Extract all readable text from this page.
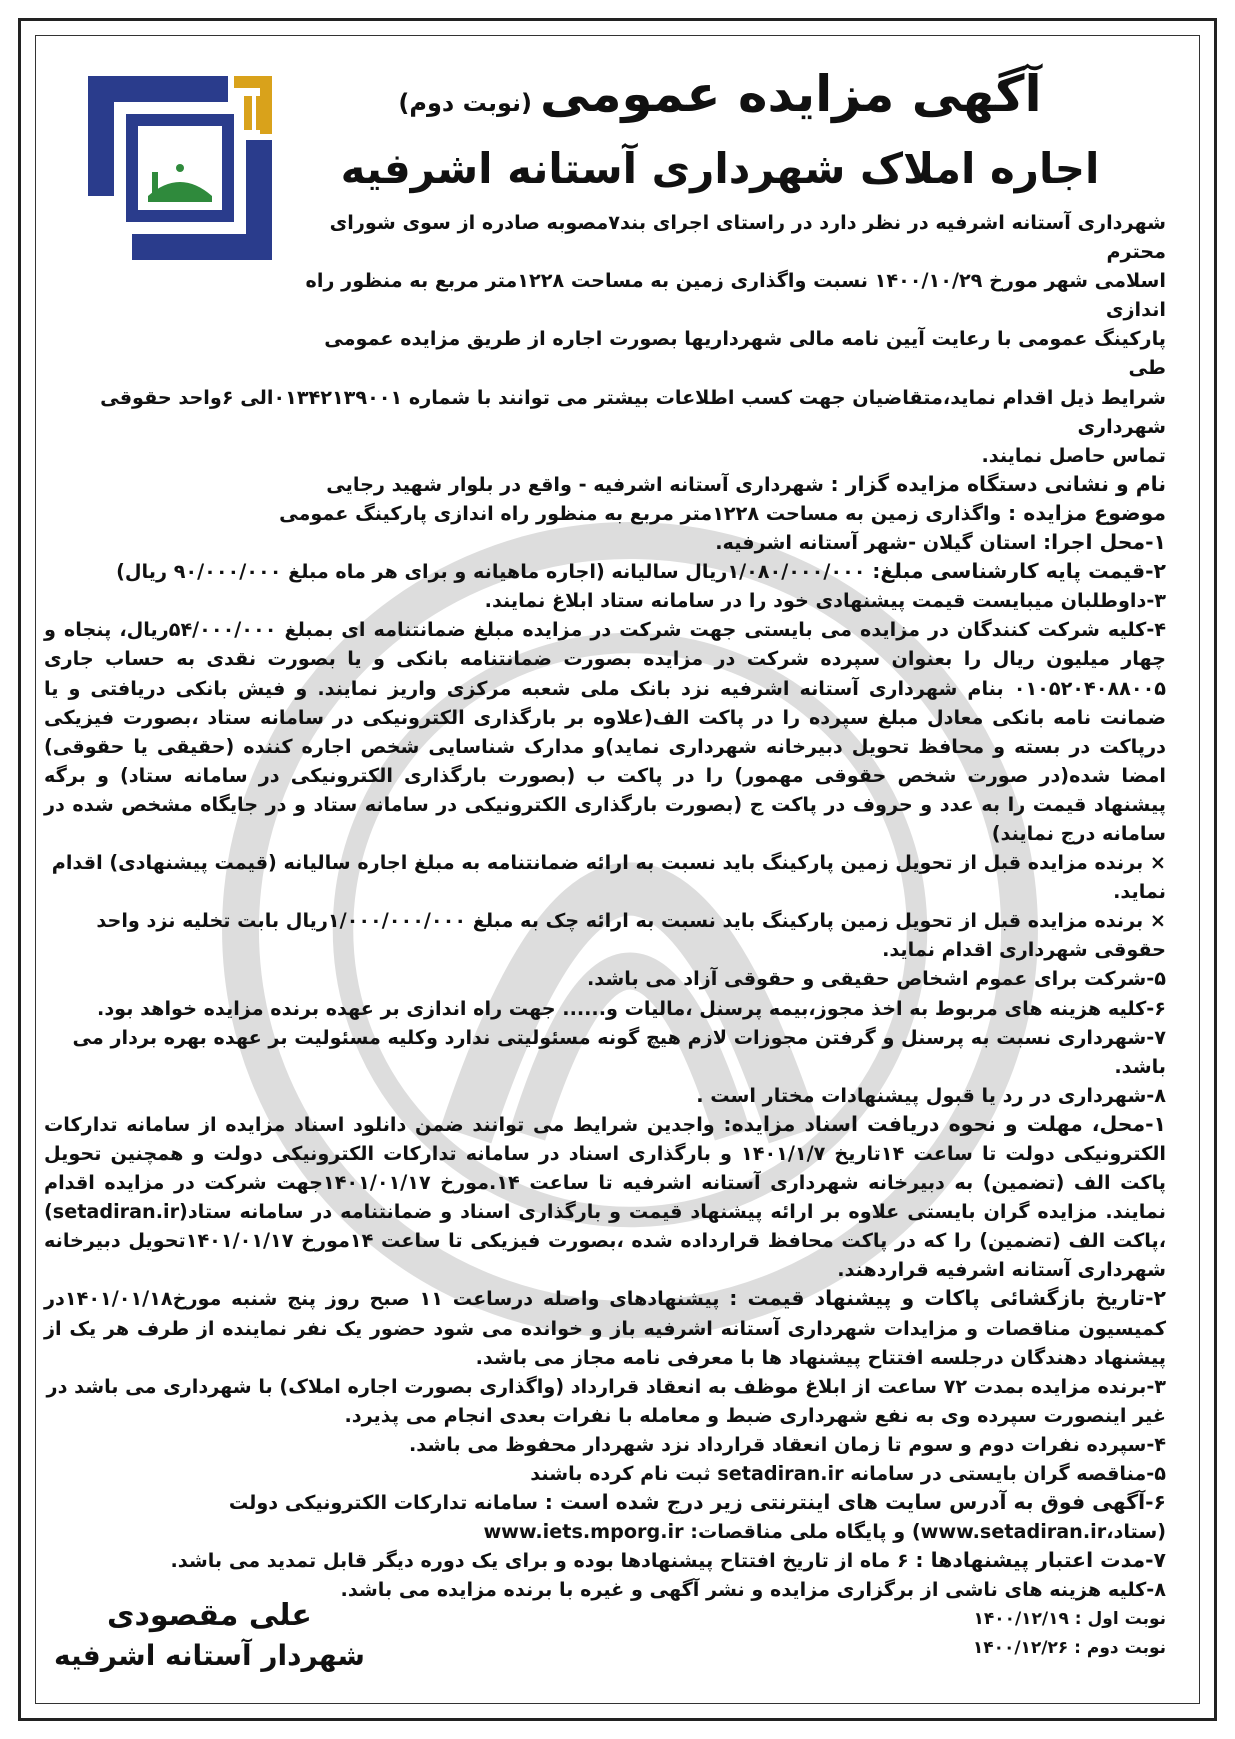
آگهی مزایده عمومی(نوبت دوم)
اجاره املاک شهرداری آستانه اشرفیه

شهرداری آستانه اشرفیه در نظر دارد در راستای اجرای بند۷مصوبه صادره از سوی شورای محترم

اسلامی شهر مورخ ۱۴۰۰/۱۰/۲۹ نسبت واگذاری زمین به مساحت ۱۲۲۸متر مربع به منظور راه اندازی

پارکینگ عمومی با رعایت آیین نامه مالی شهرداریها بصورت اجاره از طریق مزایده عمومی طی

شرایط ذیل اقدام نماید،متقاضیان جهت کسب اطلاعات بیشتر می توانند با شماره ۰۱۳۴۲۱۳۹۰۰۱الی ۶واحد حقوقی شهرداری

تماس حاصل نمایند.

نام و نشانی دستگاه مزایده گزار : شهرداری آستانه اشرفیه - واقع در بلوار شهید رجایی

موضوع مزایده : واگذاری زمین به مساحت ۱۲۲۸متر مربع به منظور راه اندازی پارکینگ عمومی

۱-محل اجرا: استان گیلان -شهر آستانه اشرفیه.

۲-قیمت پایه کارشناسی مبلغ: ۱/۰۸۰/۰۰۰/۰۰۰ریال سالیانه (اجاره ماهیانه و برای هر ماه مبلغ ۹۰/۰۰۰/۰۰۰ ریال)

۳-داوطلبان میبایست قیمت پیشنهادی خود را در سامانه ستاد ابلاغ نمایند.

۴-کلیه شرکت کنندگان در مزایده می بایستی جهت شرکت در مزایده مبلغ ضمانتنامه ای بمبلغ ۵۴/۰۰۰/۰۰۰ریال، پنجاه و چهار میلیون ریال را بعنوان سپرده شرکت در مزایده بصورت ضمانتنامه بانکی و یا بصورت نقدی به حساب جاری ۰۱۰۵۲۰۴۰۸۸۰۰۵ بنام شهرداری آستانه اشرفیه نزد بانک ملی شعبه مرکزی واریز نمایند. و فیش بانکی دریافتی و یا ضمانت نامه بانکی معادل مبلغ سپرده را در پاکت الف(علاوه بر بارگذاری الکترونیکی در سامانه ستاد ،بصورت فیزیکی درپاکت در بسته و محافظ تحویل دبیرخانه شهرداری نماید)و مدارک شناسایی شخص اجاره کننده (حقیقی یا حقوقی) امضا شده(در صورت شخص حقوقی مهمور) را در پاکت ب (بصورت بارگذاری الکترونیکی در سامانه ستاد) و برگه پیشنهاد قیمت را به عدد و حروف در پاکت ج (بصورت بارگذاری الکترونیکی در سامانه ستاد و در جایگاه مشخص شده در سامانه درج نمایند)

× برنده مزایده قبل از تحویل زمین پارکینگ باید نسبت به ارائه ضمانتنامه به مبلغ اجاره سالیانه (قیمت پیشنهادی) اقدام نماید.

× برنده مزایده قبل از تحویل زمین پارکینگ باید نسبت به ارائه چک به مبلغ ۱/۰۰۰/۰۰۰/۰۰۰ریال بابت تخلیه نزد واحد حقوقی شهرداری اقدام نماید.

۵-شرکت برای عموم اشخاص حقیقی و حقوقی آزاد می باشد.

۶-کلیه هزینه های مربوط به اخذ مجوز،بیمه پرسنل ،مالیات و...... جهت راه اندازی بر عهده برنده مزایده خواهد بود.

۷-شهرداری نسبت به پرسنل و گرفتن مجوزات لازم هیچ گونه مسئولیتی ندارد وکلیه مسئولیت بر عهده بهره بردار می باشد.

۸-شهرداری در رد یا قبول پیشنهادات مختار است .

۱-محل، مهلت و نحوه دریافت اسناد مزایده: واجدین شرایط می توانند ضمن دانلود اسناد مزایده از سامانه تدارکات الکترونیکی دولت تا ساعت ۱۴تاریخ ۱۴۰۱/۱/۷ و بارگذاری اسناد در سامانه تدارکات الکترونیکی دولت و همچنین تحویل پاکت الف (تضمین) به دبیرخانه شهرداری آستانه اشرفیه تا ساعت ۱۴.مورخ ۱۴۰۱/۰۱/۱۷جهت شرکت در مزایده اقدام نمایند. مزایده گران بایستی علاوه بر ارائه پیشنهاد قیمت و بارگذاری اسناد و ضمانتنامه در سامانه ستاد(setadiran.ir) ،پاکت الف (تضمین) را که در پاکت محافظ قرارداده شده ،بصورت فیزیکی تا ساعت ۱۴مورخ ۱۴۰۱/۰۱/۱۷تحویل دبیرخانه شهرداری آستانه اشرفیه قراردهند.

۲-تاریخ بازگشائی پاکات و پیشنهاد قیمت : پیشنهادهای واصله درساعت ۱۱ صبح روز پنج شنبه مورخ۱۴۰۱/۰۱/۱۸در کمیسیون مناقصات و مزایدات شهرداری آستانه اشرفیه باز و خوانده می شود حضور یک نفر نماینده از طرف هر یک از پیشنهاد دهندگان درجلسه افتتاح پیشنهاد ها با معرفی نامه مجاز می باشد.

۳-برنده مزایده بمدت ۷۲ ساعت از ابلاغ موظف به انعقاد قرارداد (واگذاری بصورت اجاره املاک) با شهرداری می باشد در غیر اینصورت سپرده وی به نفع شهرداری ضبط و معامله با نفرات بعدی انجام می پذیرد.

۴-سپرده نفرات دوم و سوم تا زمان انعقاد قرارداد نزد شهردار محفوظ می باشد.

۵-مناقصه گران بایستی در سامانه setadiran.ir ثبت نام کرده باشند

۶-آگهی فوق به آدرس سایت های اینترنتی زیر درج شده است : سامانه تدارکات الکترونیکی دولت (ستاد،www.setadiran.ir) و پایگاه ملی مناقصات: www.iets.mporg.ir

۷-مدت اعتبار پیشنهادها : ۶ ماه از تاریخ افتتاح پیشنهادها بوده و برای یک دوره دیگر قابل تمدید می باشد.

۸-کلیه هزینه های ناشی از برگزاری مزایده و نشر آگهی و غیره با برنده مزایده می باشد.

نوبت اول : ۱۴۰۰/۱۲/۱۹

نوبت دوم : ۱۴۰۰/۱۲/۲۶

علی مقصودی
شهردار آستانه اشرفیه
